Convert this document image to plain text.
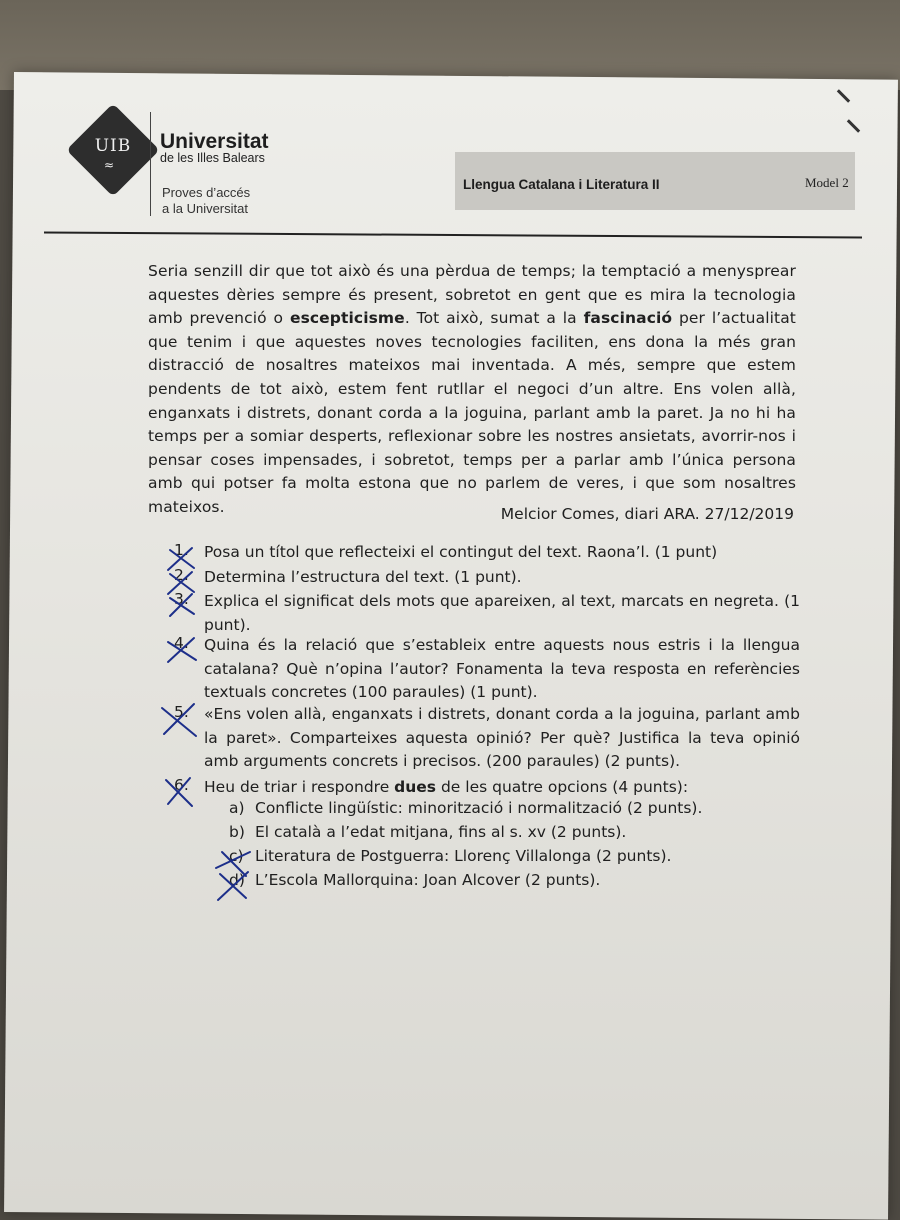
UIB
≈
Universitat
de les Illes Balears
Proves d’accés
a la Universitat
Llengua Catalana i Literatura II	Model 2
Seria senzill dir que tot això és una pèrdua de temps; la temptació a menysprear aquestes dèries sempre és present, sobretot en gent que es mira la tecnologia amb prevenció o escepticisme. Tot això, sumat a la fascinació per l’actualitat que tenim i que aquestes noves tecnologies faciliten, ens dona la més gran distracció de nosaltres mateixos mai inventada. A més, sempre que estem pendents de tot això, estem fent rutllar el negoci d’un altre. Ens volen allà, enganxats i distrets, donant corda a la joguina, parlant amb la paret. Ja no hi ha temps per a somiar desperts, reflexionar sobre les nostres ansietats, avorrir-nos i pensar coses impensades, i sobretot, temps per a parlar amb l’única persona amb qui potser fa molta estona que no parlem de veres, i que som nosaltres mateixos.	Melcior Comes, diari ARA. 27/12/2019
1. Posa un títol que reflecteixi el contingut del text. Raona’l. (1 punt)
2. Determina l’estructura del text. (1 punt).
3. Explica el significat dels mots que apareixen, al text, marcats en negreta. (1 punt).
4. Quina és la relació que s’estableix entre aquests nous estris i la llengua catalana? Què n’opina l’autor? Fonamenta la teva resposta en referències textuals concretes (100 paraules) (1 punt).
5. «Ens volen allà, enganxats i distrets, donant corda a la joguina, parlant amb la paret». Comparteixes aquesta opinió? Per què? Justifica la teva opinió amb arguments concrets i precisos. (200 paraules) (2 punts).
6. Heu de triar i respondre dues de les quatre opcions (4 punts):
a) Conflicte lingüístic: minorització i normalització (2 punts).
b) El català a l’edat mitjana, fins al s. xv (2 punts).
c) Literatura de Postguerra: Llorenç Villalonga (2 punts).
d) L’Escola Mallorquina: Joan Alcover (2 punts).
